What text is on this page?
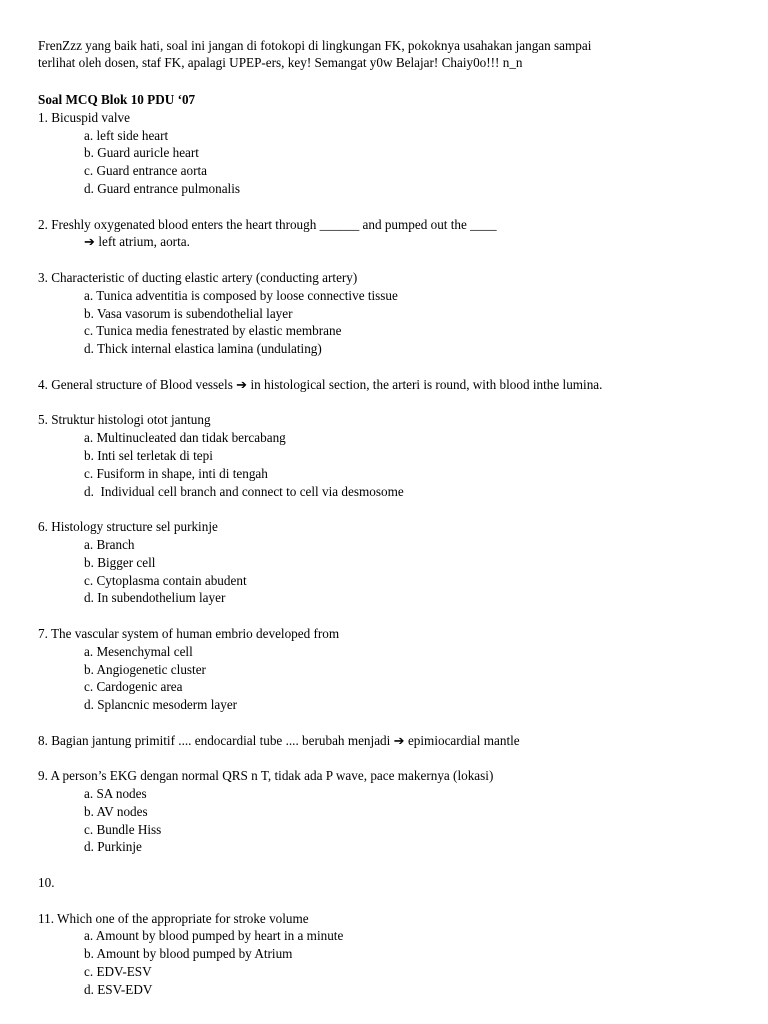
FrenZzz yang baik hati, soal ini jangan di fotokopi di lingkungan FK, pokoknya usahakan jangan sampai
terlihat oleh dosen, staf FK, apalagi UPEP-ers, key! Semangat y0w Belajar! Chaiy0o!!! n_n
Soal MCQ Blok 10 PDU ‘07
1. Bicuspid valve
a. left side heart
b. Guard auricle heart
c. Guard entrance aorta
d. Guard entrance pulmonalis
2. Freshly oxygenated blood enters the heart through ______ and pumped out the ____
➔ left atrium, aorta.
3. Characteristic of ducting elastic artery (conducting artery)
a. Tunica adventitia is composed by loose connective tissue
b. Vasa vasorum is subendothelial layer
c. Tunica media fenestrated by elastic membrane
d. Thick internal elastica lamina (undulating)
4. General structure of Blood vessels ➔ in histological section, the arteri is round, with blood inthe lumina.
5. Struktur histologi otot jantung
a. Multinucleated dan tidak bercabang
b. Inti sel terletak di tepi
c. Fusiform in shape, inti di tengah
d.  Individual cell branch and connect to cell via desmosome
6. Histology structure sel purkinje
a. Branch
b. Bigger cell
c. Cytoplasma contain abudent
d. In subendothelium layer
7. The vascular system of human embrio developed from
a. Mesenchymal cell
b. Angiogenetic cluster
c. Cardogenic area
d. Splancnic mesoderm layer
8. Bagian jantung primitif .... endocardial tube .... berubah menjadi ➔ epimiocardial mantle
9. A person’s EKG dengan normal QRS n T, tidak ada P wave, pace makernya (lokasi)
a. SA nodes
b. AV nodes
c. Bundle Hiss
d. Purkinje
10.
11. Which one of the appropriate for stroke volume
a. Amount by blood pumped by heart in a minute
b. Amount by blood pumped by Atrium
c. EDV-ESV
d. ESV-EDV
